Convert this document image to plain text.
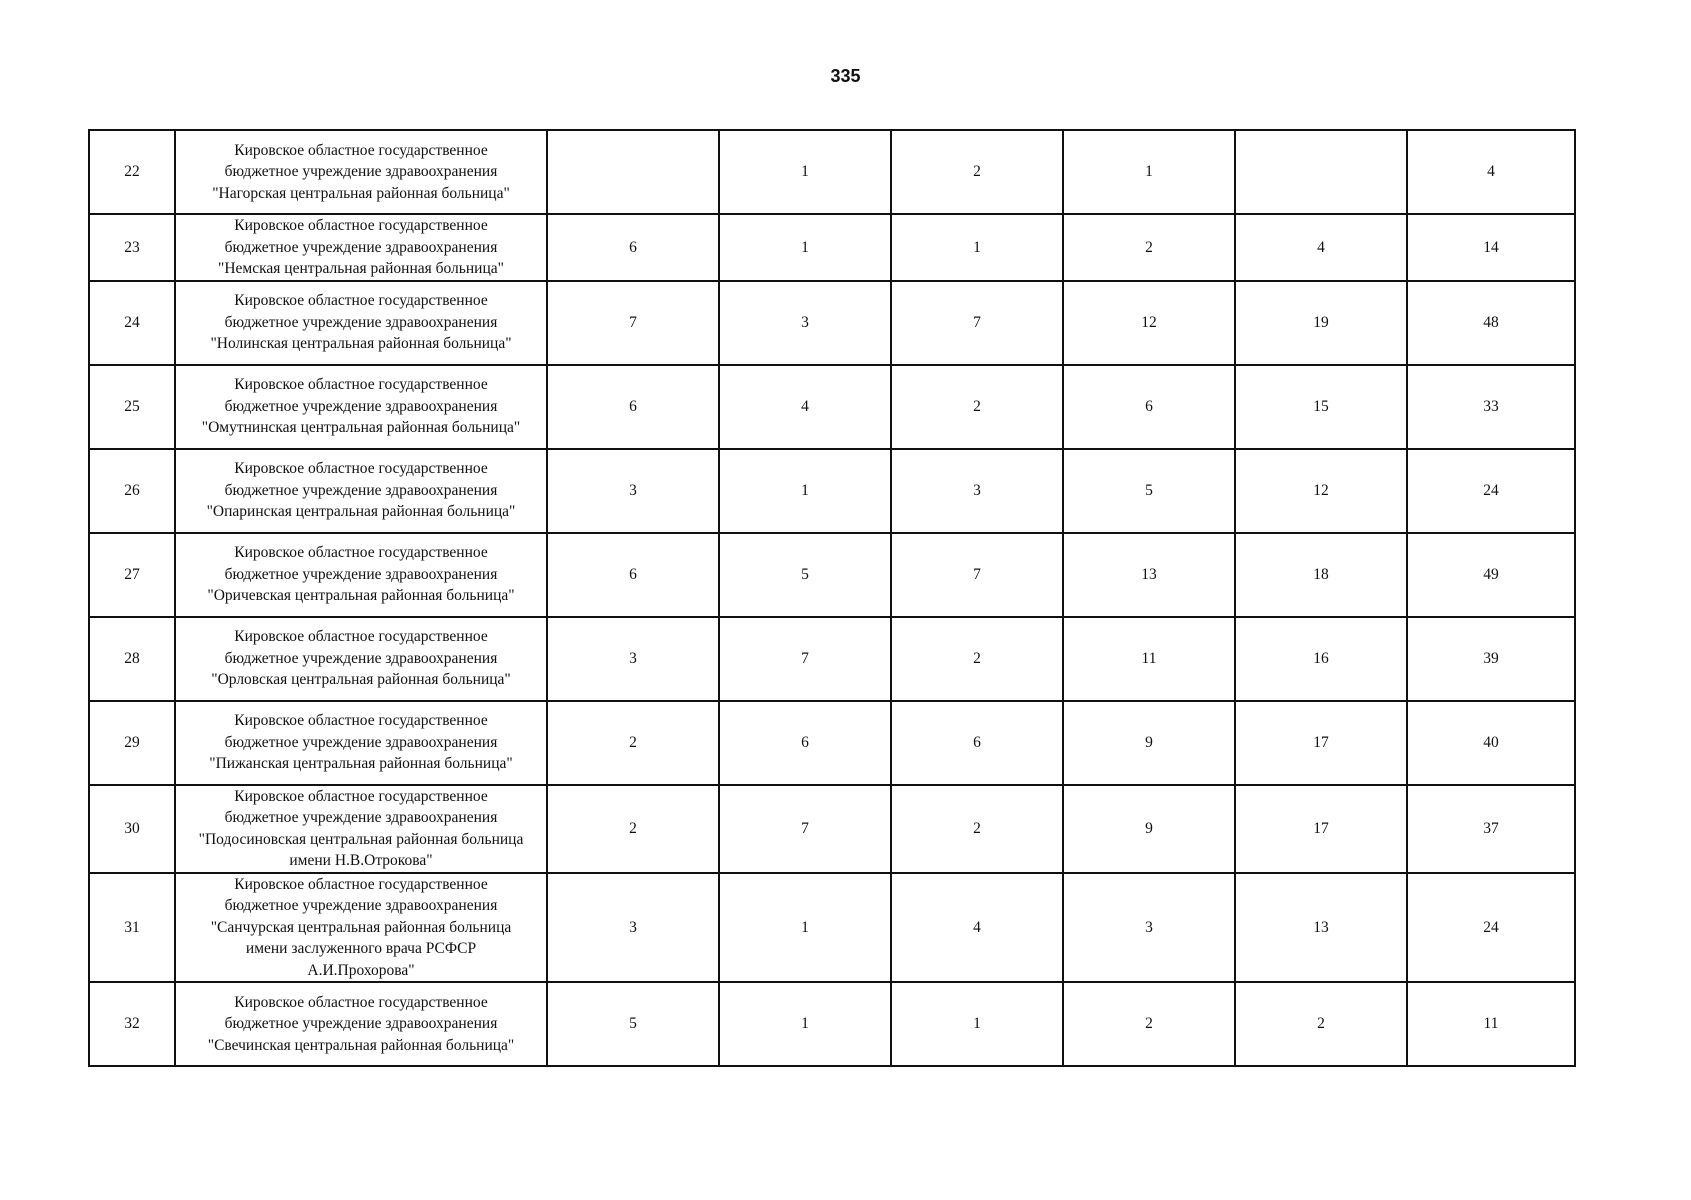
335
22	Кировское областное государственное
бюджетное учреждение здравоохранения
"Нагорская центральная районная больница"		1	2	1		4
23	Кировское областное государственное
бюджетное учреждение здравоохранения
"Немская центральная районная больница"	6	1	1	2	4	14
24	Кировское областное государственное
бюджетное учреждение здравоохранения
"Нолинская центральная районная больница"	7	3	7	12	19	48
25	Кировское областное государственное
бюджетное учреждение здравоохранения
"Омутнинская центральная районная больница"	6	4	2	6	15	33
26	Кировское областное государственное
бюджетное учреждение здравоохранения
"Опаринская центральная районная больница"	3	1	3	5	12	24
27	Кировское областное государственное
бюджетное учреждение здравоохранения
"Оричевская центральная районная больница"	6	5	7	13	18	49
28	Кировское областное государственное
бюджетное учреждение здравоохранения
"Орловская центральная районная больница"	3	7	2	11	16	39
29	Кировское областное государственное
бюджетное учреждение здравоохранения
"Пижанская центральная районная больница"	2	6	6	9	17	40
30	Кировское областное государственное
бюджетное учреждение здравоохранения
"Подосиновская центральная районная больница
имени Н.В.Отрокова"	2	7	2	9	17	37
31	Кировское областное государственное
бюджетное учреждение здравоохранения
"Санчурская центральная районная больница
имени заслуженного врача РСФСР
А.И.Прохорова"	3	1	4	3	13	24
32	Кировское областное государственное
бюджетное учреждение здравоохранения
"Свечинская центральная районная больница"	5	1	1	2	2	11
